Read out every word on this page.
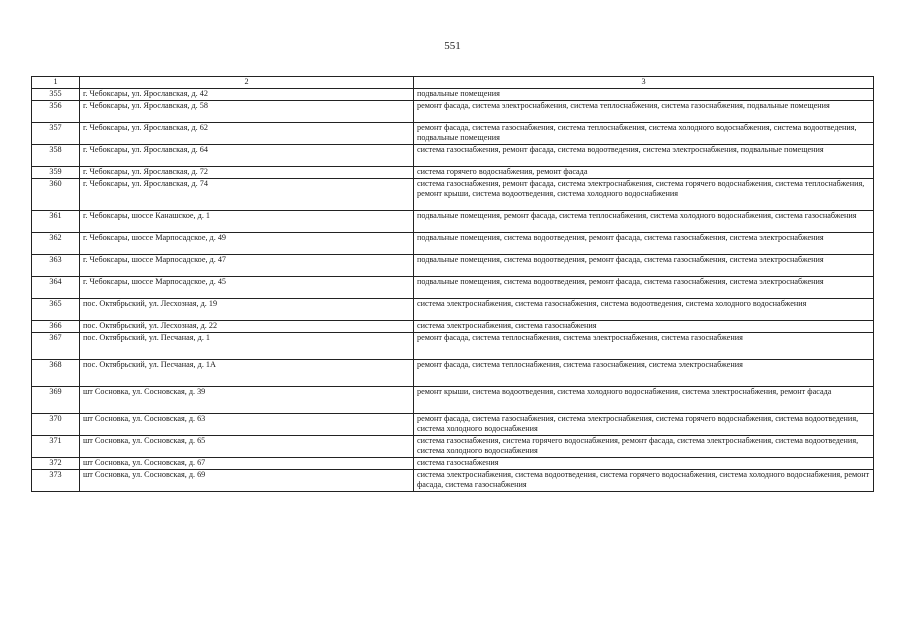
551
1	2	3
355	г. Чебоксары, ул. Ярославская, д. 42	подвальные помещения
356	г. Чебоксары, ул. Ярославская, д. 58	ремонт фасада, система электроснабжения, система теплоснабжения, система газоснабжения, подвальные помещения
357	г. Чебоксары, ул. Ярославская, д. 62	ремонт фасада, система газоснабжения, система теплоснабжения, система холодного водоснабжения, система водоотведения, подвальные помещения
358	г. Чебоксары, ул. Ярославская, д. 64	система газоснабжения, ремонт фасада, система водоотведения, система электроснабжения, подвальные помещения
359	г. Чебоксары, ул. Ярославская, д. 72	система горячего водоснабжения, ремонт фасада
360	г. Чебоксары, ул. Ярославская, д. 74	система газоснабжения, ремонт фасада, система электроснабжения, система горячего водоснабжения, система теплоснабжения, ремонт крыши, система водоотведения, система холодного водоснабжения
361	г. Чебоксары, шоссе Канашское, д. 1	подвальные помещения, ремонт фасада, система теплоснабжения, система холодного водоснабжения, система газоснабжения
362	г. Чебоксары, шоссе Марпосадское, д. 49	подвальные помещения, система водоотведения, ремонт фасада, система газоснабжения, система электроснабжения
363	г. Чебоксары, шоссе Марпосадское, д. 47	подвальные помещения, система водоотведения, ремонт фасада, система газоснабжения, система электроснабжения
364	г. Чебоксары, шоссе Марпосадское, д. 45	подвальные помещения, система водоотведения, ремонт фасада, система газоснабжения, система электроснабжения
365	пос. Октябрьский, ул. Лесхозная, д. 19	система электроснабжения, система газоснабжения, система водоотведения, система холодного водоснабжения
366	пос. Октябрьский, ул. Лесхозная, д. 22	система электроснабжения, система газоснабжения
367	пос. Октябрьский, ул. Песчаная, д. 1	ремонт фасада, система теплоснабжения, система электроснабжения, система газоснабжения
368	пос. Октябрьский, ул. Песчаная, д. 1А	ремонт фасада, система теплоснабжения, система газоснабжения, система электроснабжения
369	шт Сосновка, ул. Сосновская, д. 39	ремонт крыши, система водоотведения, система холодного водоснабжения, система электроснабжения, ремонт фасада
370	шт Сосновка, ул. Сосновская, д. 63	ремонт фасада, система газоснабжения, система электроснабжения, система горячего водоснабжения, система водоотведения, система холодного водоснабжения
371	шт Сосновка, ул. Сосновская, д. 65	система газоснабжения, система горячего водоснабжения, ремонт фасада, система электроснабжения, система водоотведения, система холодного водоснабжения
372	шт Сосновка, ул. Сосновская, д. 67	система газоснабжения
373	шт Сосновка, ул. Сосновская, д. 69	система электроснабжения, система водоотведения, система горячего водоснабжения, система холодного водоснабжения, ремонт фасада, система газоснабжения
